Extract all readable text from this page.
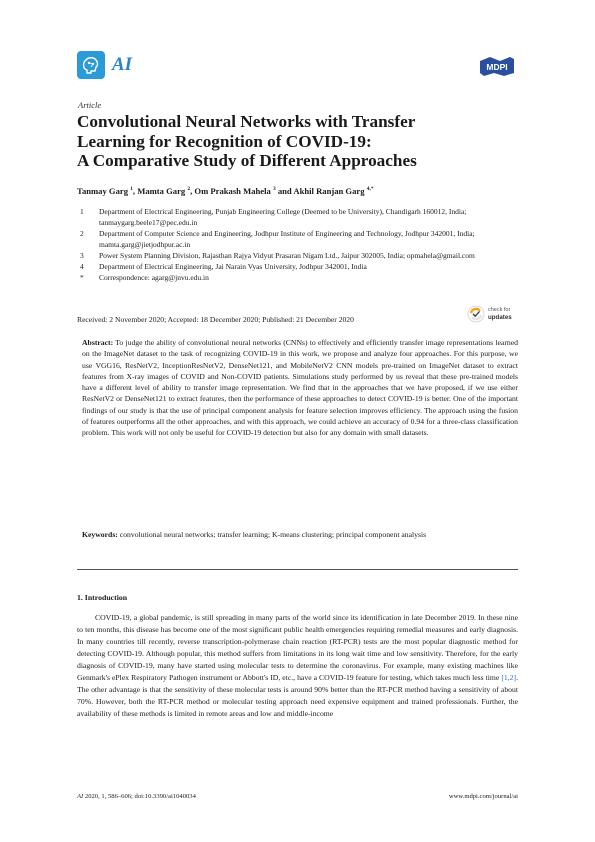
AI	MDPI
Article
Convolutional Neural Networks with Transfer
Learning for Recognition of COVID-19:
A Comparative Study of Different Approaches
Tanmay Garg $^1$, Mamta Garg $^2$, Om Prakash Mahela $^3$ and Akhil Ranjan Garg $^{4,*}$
1	Department of Electrical Engineering, Punjab Engineering College (Deemed to be University), Chandigarh 160012, India; tanmaygarg.beele17@pec.edu.in
2	Department of Computer Science and Engineering, Jodhpur Institute of Engineering and Technology, Jodhpur 342001, India; mamta.garg@jietjodhpur.ac.in
3	Power System Planning Division, Rajasthan Rajya Vidyut Prasaran Nigam Ltd., Jaipur 302005, India; opmahela@gmail.com
4	Department of Electrical Engineering, Jai Narain Vyas University, Jodhpur 342001, India
*	Correspondence: agarg@jnvu.edu.in
Received: 2 November 2020; Accepted: 18 December 2020; Published: 21 December 2020
check for
updates
Abstract: To judge the ability of convolutional neural networks (CNNs) to effectively and efficiently transfer image representations learned on the ImageNet dataset to the task of recognizing COVID-19 in this work, we propose and analyze four approaches. For this purpose, we use VGG16, ResNetV2, InceptionResNetV2, DenseNet121, and MobileNetV2 CNN models pre-trained on ImageNet dataset to extract features from X-ray images of COVID and Non-COVID patients. Simulations study performed by us reveal that these pre-trained models have a different level of ability to transfer image representation. We find that in the approaches that we have proposed, if we use either ResNetV2 or DenseNet121 to extract features, then the performance of these approaches to detect COVID-19 is better. One of the important findings of our study is that the use of principal component analysis for feature selection improves efficiency. The approach using the fusion of features outperforms all the other approaches, and with this approach, we could achieve an accuracy of 0.94 for a three-class classification problem. This work will not only be useful for COVID-19 detection but also for any domain with small datasets.
Keywords: convolutional neural networks; transfer learning; K-means clustering; principal component analysis
1. Introduction
COVID-19, a global pandemic, is still spreading in many parts of the world since its identification in late December 2019. In these nine to ten months, this disease has become one of the most significant public health emergencies requiring remedial measures and early diagnosis. In many countries till recently, reverse transcription-polymerase chain reaction (RT-PCR) tests are the most popular diagnostic method for detecting COVID-19. Although popular, this method suffers from limitations in its long wait time and low sensitivity. Therefore, for the early diagnosis of COVID-19, many have started using molecular tests to determine the coronavirus. For example, many existing machines like Genmark's ePlex Respiratory Pathogen instrument or Abbott's ID, etc., have a COVID-19 feature for testing, which takes much less time [1,2]. The other advantage is that the sensitivity of these molecular tests is around 90% better than the RT-PCR method having a sensitivity of about 70%. However, both the RT-PCR method or molecular testing approach need expensive equipment and trained professionals. Further, the availability of these methods is limited in remote areas and low and middle-income
AI 2020, 1, 586–606; doi:10.3390/ai1040034	www.mdpi.com/journal/ai
